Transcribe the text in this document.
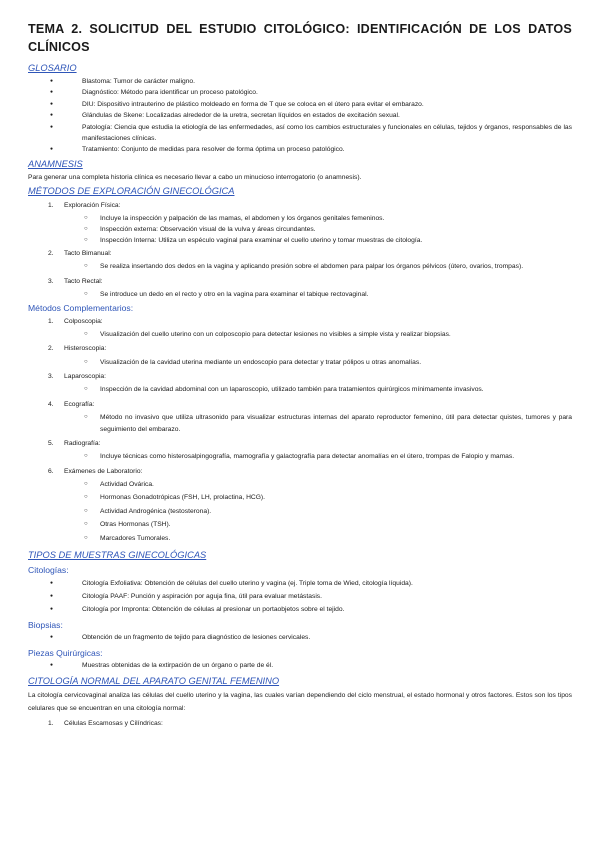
TEMA 2. SOLICITUD DEL ESTUDIO CITOLÓGICO: IDENTIFICACIÓN DE LOS DATOS CLÍNICOS
GLOSARIO
● Blastoma: Tumor de carácter maligno.
● Diagnóstico: Método para identificar un proceso patológico.
● DIU: Dispositivo intrauterino de plástico moldeado en forma de T que se coloca en el útero para evitar el embarazo.
● Glándulas de Skene: Localizadas alrededor de la uretra, secretan líquidos en estados de excitación sexual.
● Patología: Ciencia que estudia la etiología de las enfermedades, así como los cambios estructurales y funcionales en células, tejidos y órganos, responsables de las manifestaciones clínicas.
● Tratamiento: Conjunto de medidas para resolver de forma óptima un proceso patológico.
ANAMNESIS

Para generar una completa historia clínica es necesario llevar a cabo un minucioso interrogatorio (o anamnesis).

MÉTODOS DE EXPLORACIÓN GINECOLÓGICA
1. Exploración Física:
○ Incluye la inspección y palpación de las mamas, el abdomen y los órganos genitales femeninos.
○ Inspección externa: Observación visual de la vulva y áreas circundantes.
○ Inspección Interna: Utiliza un espéculo vaginal para examinar el cuello uterino y tomar muestras de citología.
2. Tacto Bimanual:
○ Se realiza insertando dos dedos en la vagina y aplicando presión sobre el abdomen para palpar los órganos pélvicos (útero, ovarios, trompas).
3. Tacto Rectal:
○ Se introduce un dedo en el recto y otro en la vagina para examinar el tabique rectovaginal.
Métodos Complementarios:
1. Colposcopia:
○ Visualización del cuello uterino con un colposcopio para detectar lesiones no visibles a simple vista y realizar biopsias.
2. Histeroscopia:
○ Visualización de la cavidad uterina mediante un endoscopio para detectar y tratar pólipos u otras anomalías.
3. Laparoscopia:
○ Inspección de la cavidad abdominal con un laparoscopio, utilizado también para tratamientos quirúrgicos mínimamente invasivos.
4. Ecografía:
○ Método no invasivo que utiliza ultrasonido para visualizar estructuras internas del aparato reproductor femenino, útil para detectar quistes, tumores y para seguimiento del embarazo.
5. Radiografía:
○ Incluye técnicas como histerosalpingografía, mamografía y galactografía para detectar anomalías en el útero, trompas de Falopio y mamas.
6. Exámenes de Laboratorio:
○ Actividad Ovárica.
○ Hormonas Gonadotrópicas (FSH, LH, prolactina, HCG).
○ Actividad Androgénica (testosterona).
○ Otras Hormonas (TSH).
○ Marcadores Tumorales.
TIPOS DE MUESTRAS GINECOLÓGICAS
Citologías:
● Citología Exfoliativa: Obtención de células del cuello uterino y vagina (ej. Triple toma de Wied, citología líquida).
● Citología PAAF: Punción y aspiración por aguja fina, útil para evaluar metástasis.
● Citología por Impronta: Obtención de células al presionar un portaobjetos sobre el tejido.
Biopsias:
● Obtención de un fragmento de tejido para diagnóstico de lesiones cervicales.
Piezas Quirúrgicas:
● Muestras obtenidas de la extirpación de un órgano o parte de él.
CITOLOGÍA NORMAL DEL APARATO GENITAL FEMENINO

La citología cervicovaginal analiza las células del cuello uterino y la vagina, las cuales varían dependiendo del ciclo menstrual, el estado hormonal y otros factores. Estos son los tipos celulares que se encuentran en una citología normal:

1. Células Escamosas y Cilíndricas:
